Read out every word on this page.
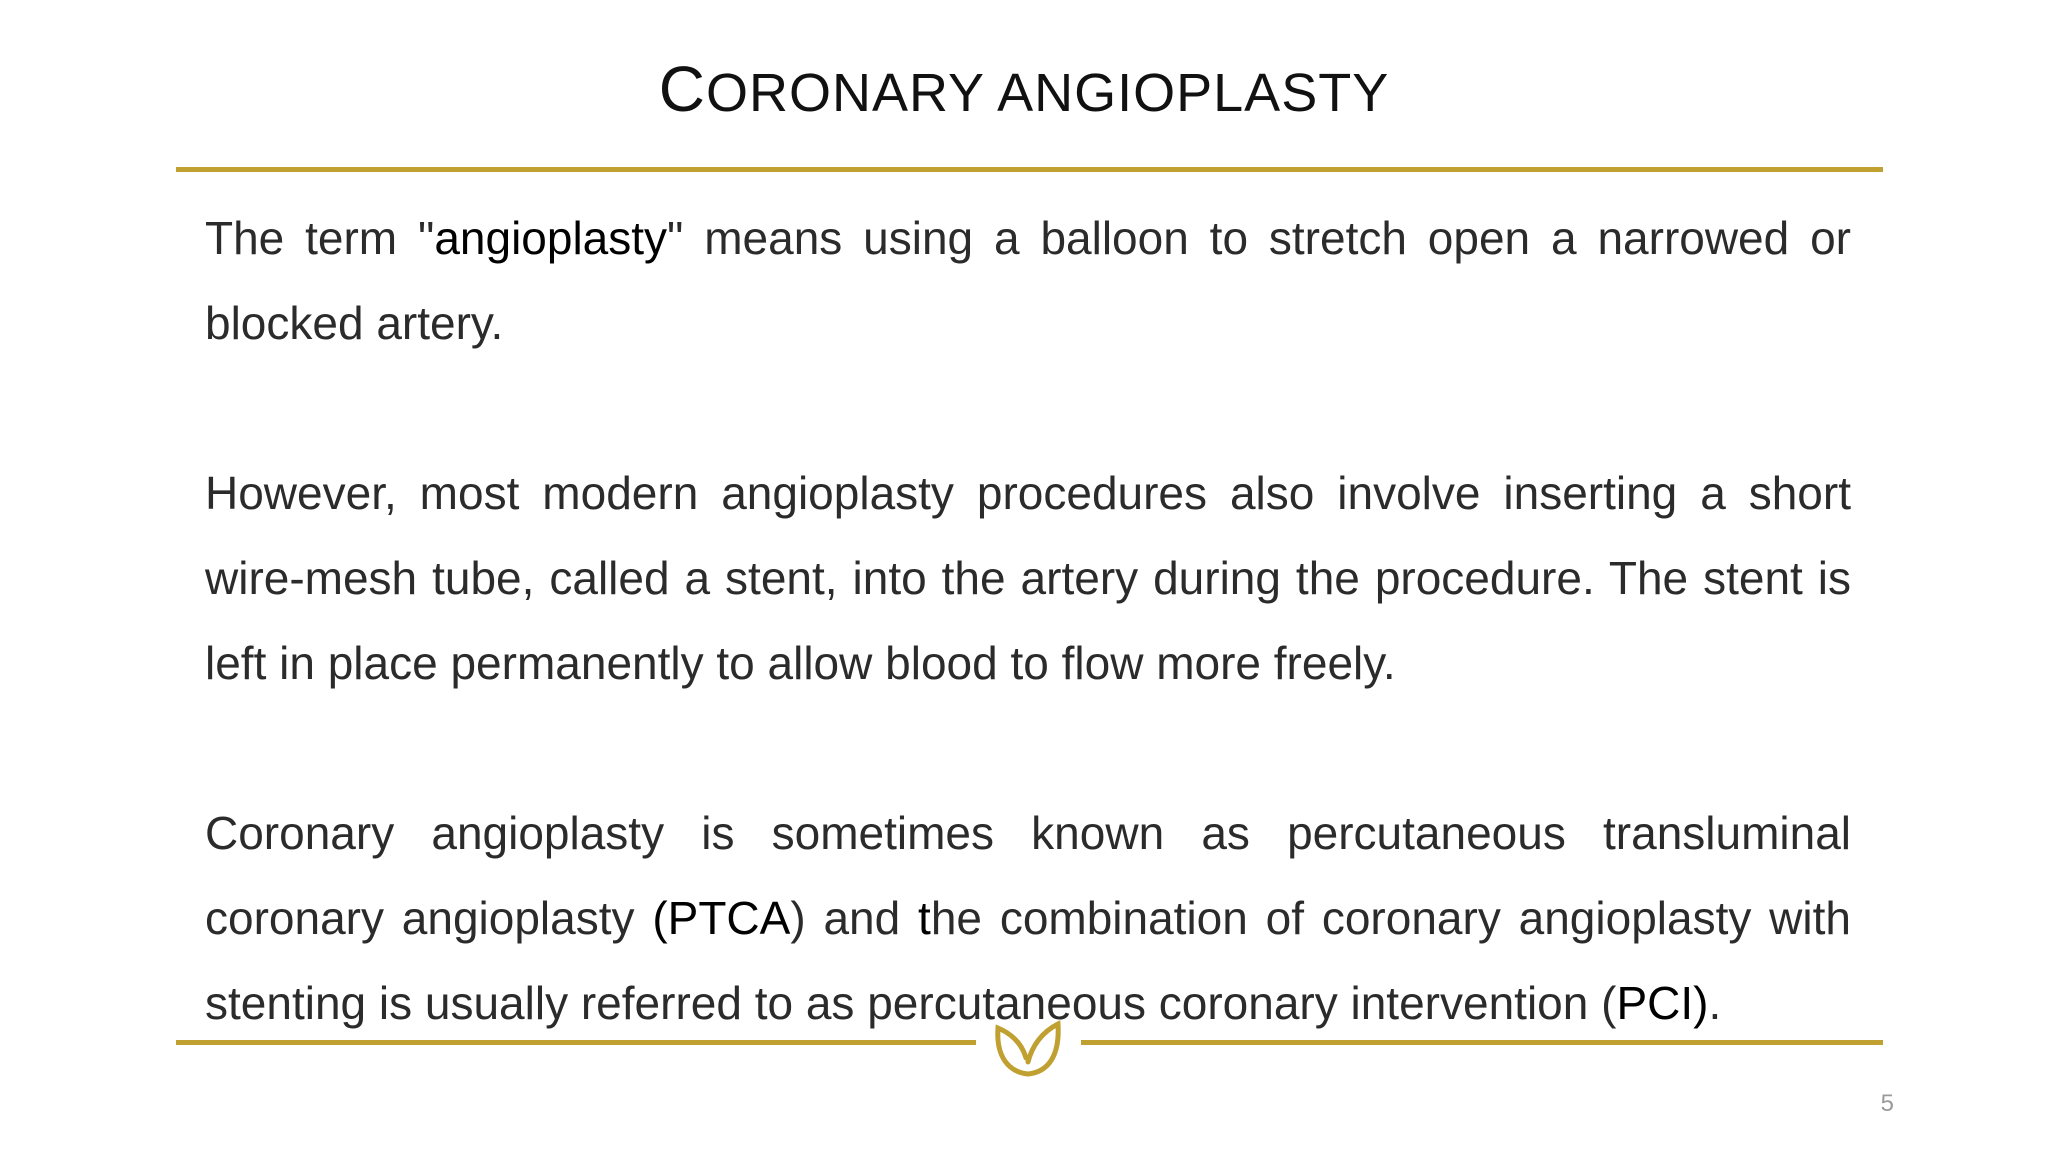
CORONARY ANGIOPLASTY

The term "angioplasty" means using a balloon to stretch open a narrowed or blocked artery.

However, most modern angioplasty procedures also involve inserting a short wire-mesh tube, called a stent, into the artery during the procedure. The stent is left in place permanently to allow blood to flow more freely.

Coronary angioplasty is sometimes known as percutaneous transluminal coronary angioplasty (PTCA) and the combination of coronary angioplasty with stenting is usually referred to as percutaneous coronary intervention (PCI).

5
